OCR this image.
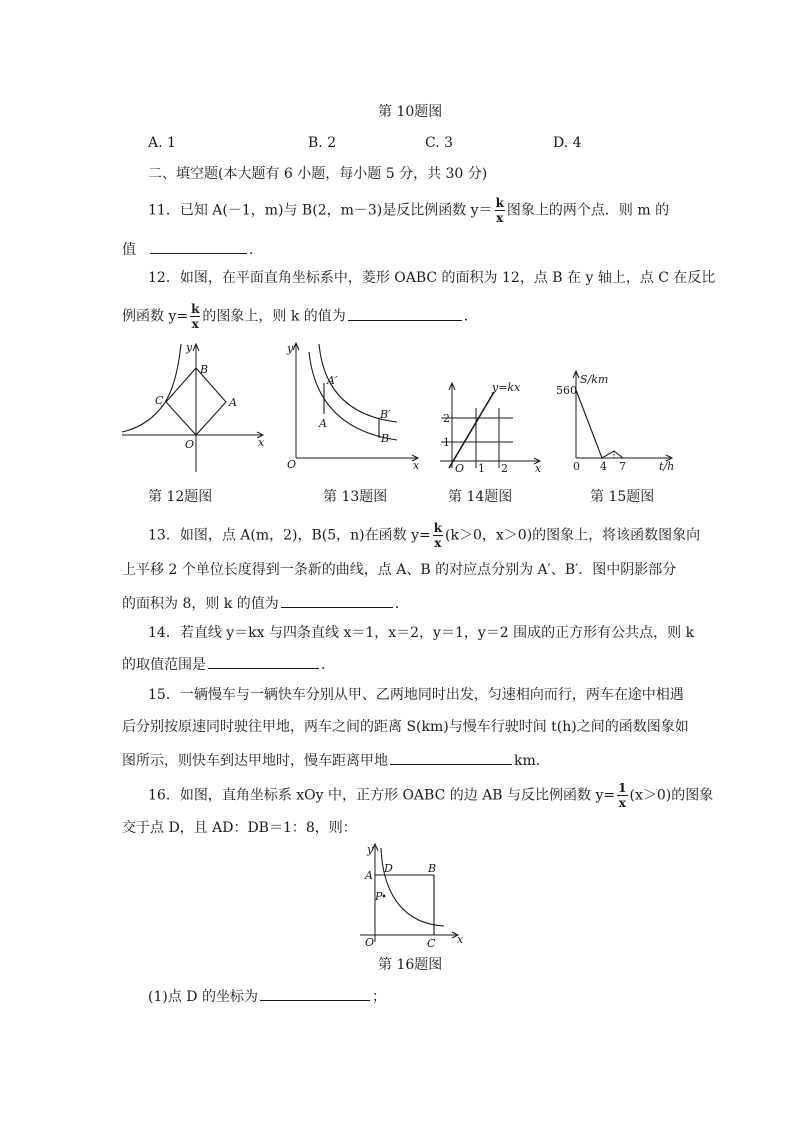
第 10题图
A. 1	B. 2	C. 3	D. 4
二、填空题(本大题有 6 小题，每小题 5 分，共 30 分)
11．已知 A(－1，m)与 B(2，m－3)是反比例函数 $y= \frac{k}{x}$ 图象上的两个点．则 m 的
值	．
12．如图，在平面直角坐标系中，菱形 OABC 的面积为 12，点 B 在 y 轴上，点 C 在反比
例函数 $y= \frac{k}{x}$ 的图象上，则 k 的值为	．
y
x
O
B
A
C
y
x
O
A′
A
B′
B
y=kx
2
1
O 1 2 x
560
S/km
0 4 7	t/h
第 12题图	第 13题图	第 14题图	第 15题图
13．如图，点 A(m，2)，B(5，n)在函数 $y= \frac{k}{x} (k>0$，x＞0)的图象上，将该函数图象向
上平移 2 个单位长度得到一条新的曲线，点 A、B 的对应点分别为 A′、B′．图中阴影部分
的面积为 8，则 k 的值为	．
14．若直线 y＝kx 与四条直线 x＝1，x＝2，y＝1，y＝2 围成的正方形有公共点，则 k
的取值范围是	．
15．一辆慢车与一辆快车分别从甲、乙两地同时出发，匀速相向而行，两车在途中相遇
后分别按原速同时驶往甲地，两车之间的距离 S(km)与慢车行驶时间 t(h)之间的函数图象如
图所示，则快车到达甲地时，慢车距离甲地	km．
16．如图，直角坐标系 xOy 中，正方形 OABC 的边 AB 与反比例函数 $y= \frac{1}{x} (x>0)$的图象
交于点 D，且 AD：DB＝1：8，则：
y
D	B
A
P
O	C x
第 16题图
(1)点 D 的坐标为	；
